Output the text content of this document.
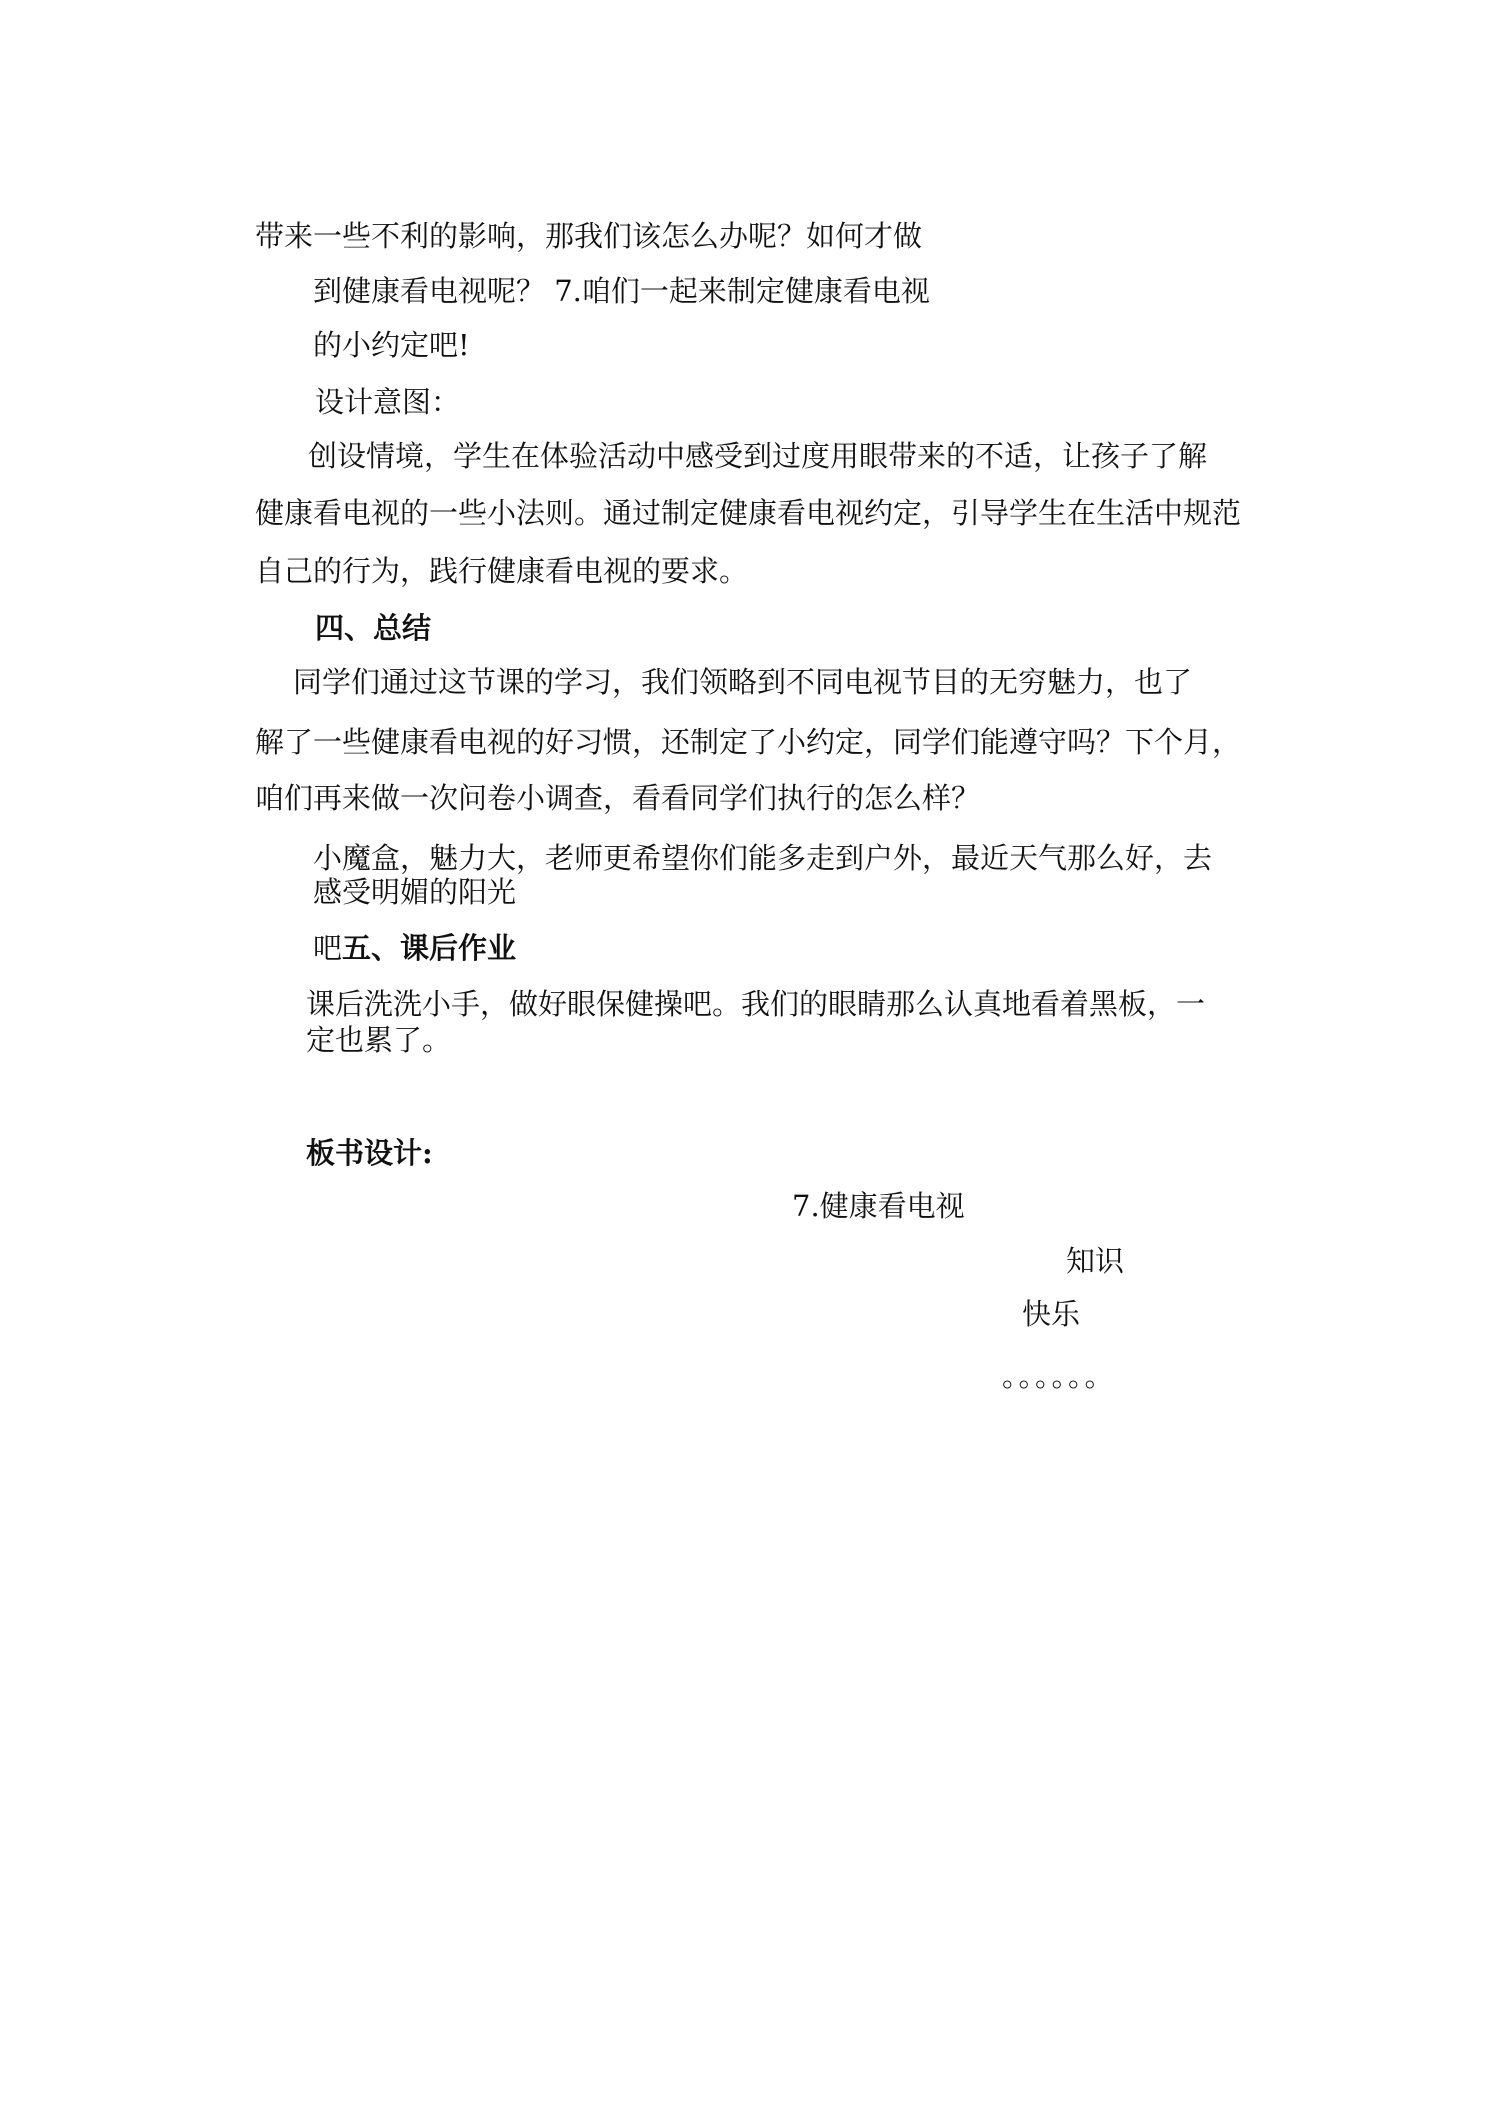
带来一些不利的影响，那我们该怎么办呢？如何才做
到健康看电视呢？ 7.咱们一起来制定健康看电视
的小约定吧!
设计意图：
创设情境，学生在体验活动中感受到过度用眼带来的不适，让孩子了解
健康看电视的一些小法则。通过制定健康看电视约定，引导学生在生活中规范
自己的行为，践行健康看电视的要求。
四、总结
同学们通过这节课的学习，我们领略到不同电视节目的无穷魅力，也了
解了一些健康看电视的好习惯，还制定了小约定，同学们能遵守吗？下个月，
咱们再来做一次问卷小调查，看看同学们执行的怎么样？
小魔盒，魅力大，老师更希望你们能多走到户外，最近天气那么好，去
感受明媚的阳光
吧五、课后作业
课后洗洗小手，做好眼保健操吧。我们的眼睛那么认真地看着黑板，一
定也累了。
板书设计:
7.健康看电视
知识
快乐
。。。。。。
